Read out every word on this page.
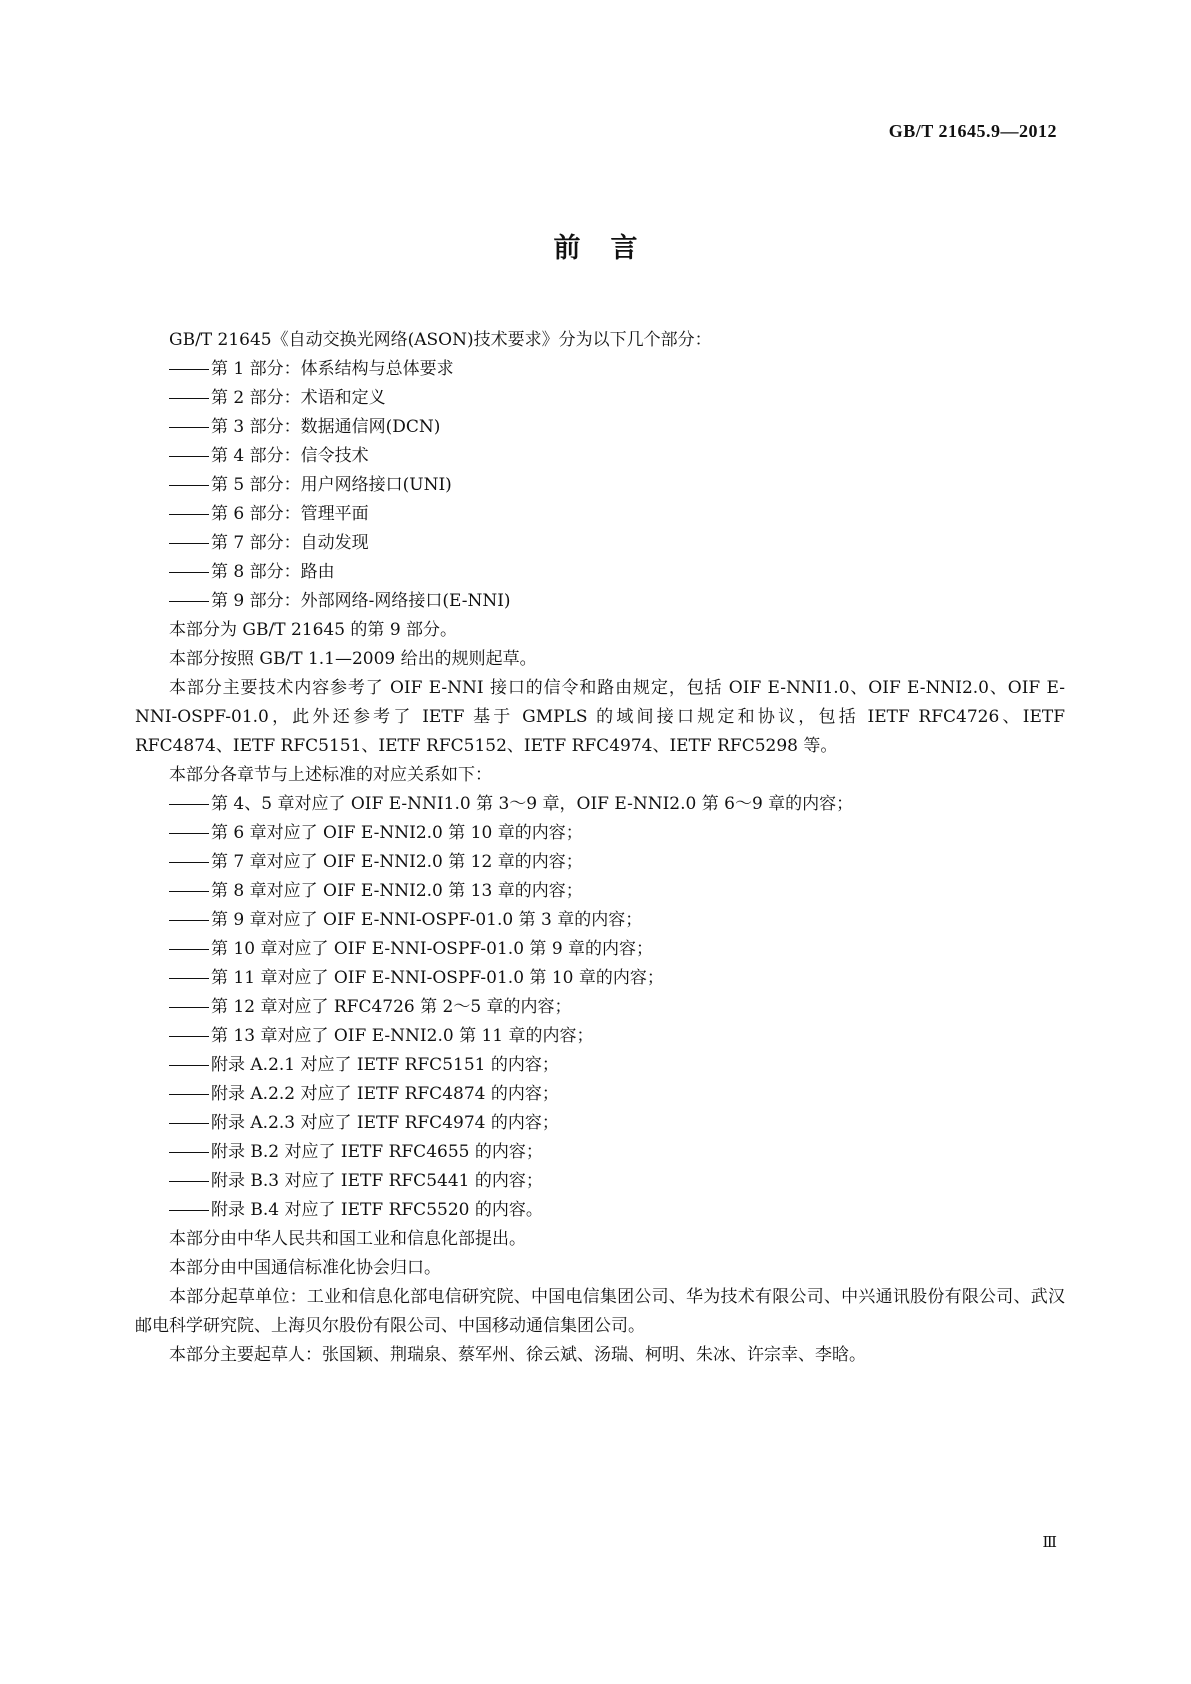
GB/T 21645.9—2012
前言

GB/T 21645《自动交换光网络(ASON)技术要求》分为以下几个部分：

第 1 部分：体系结构与总体要求

第 2 部分：术语和定义

第 3 部分：数据通信网(DCN)

第 4 部分：信令技术

第 5 部分：用户网络接口(UNI)

第 6 部分：管理平面

第 7 部分：自动发现

第 8 部分：路由

第 9 部分：外部网络-网络接口(E-NNI)

本部分为 GB/T 21645 的第 9 部分。

本部分按照 GB/T 1.1—2009 给出的规则起草。

本部分主要技术内容参考了 OIF E-NNI 接口的信令和路由规定，包括 OIF E-NNI1.0、OIF E-NNI2.0、OIF E-NNI-OSPF-01.0，此外还参考了 IETF 基于 GMPLS 的域间接口规定和协议，包括 IETF RFC4726、IETF RFC4874、IETF RFC5151、IETF RFC5152、IETF RFC4974、IETF RFC5298 等。

本部分各章节与上述标准的对应关系如下：

第 4、5 章对应了 OIF E-NNI1.0 第 3～9 章，OIF E-NNI2.0 第 6～9 章的内容；

第 6 章对应了 OIF E-NNI2.0 第 10 章的内容；

第 7 章对应了 OIF E-NNI2.0 第 12 章的内容；

第 8 章对应了 OIF E-NNI2.0 第 13 章的内容；

第 9 章对应了 OIF E-NNI-OSPF-01.0 第 3 章的内容；

第 10 章对应了 OIF E-NNI-OSPF-01.0 第 9 章的内容；

第 11 章对应了 OIF E-NNI-OSPF-01.0 第 10 章的内容；

第 12 章对应了 RFC4726 第 2～5 章的内容；

第 13 章对应了 OIF E-NNI2.0 第 11 章的内容；

附录 A.2.1 对应了 IETF RFC5151 的内容；

附录 A.2.2 对应了 IETF RFC4874 的内容；

附录 A.2.3 对应了 IETF RFC4974 的内容；

附录 B.2 对应了 IETF RFC4655 的内容；

附录 B.3 对应了 IETF RFC5441 的内容；

附录 B.4 对应了 IETF RFC5520 的内容。

本部分由中华人民共和国工业和信息化部提出。

本部分由中国通信标准化协会归口。

本部分起草单位：工业和信息化部电信研究院、中国电信集团公司、华为技术有限公司、中兴通讯股份有限公司、武汉邮电科学研究院、上海贝尔股份有限公司、中国移动通信集团公司。

本部分主要起草人：张国颖、荆瑞泉、蔡军州、徐云斌、汤瑞、柯明、朱冰、许宗幸、李晗。

Ⅲ
